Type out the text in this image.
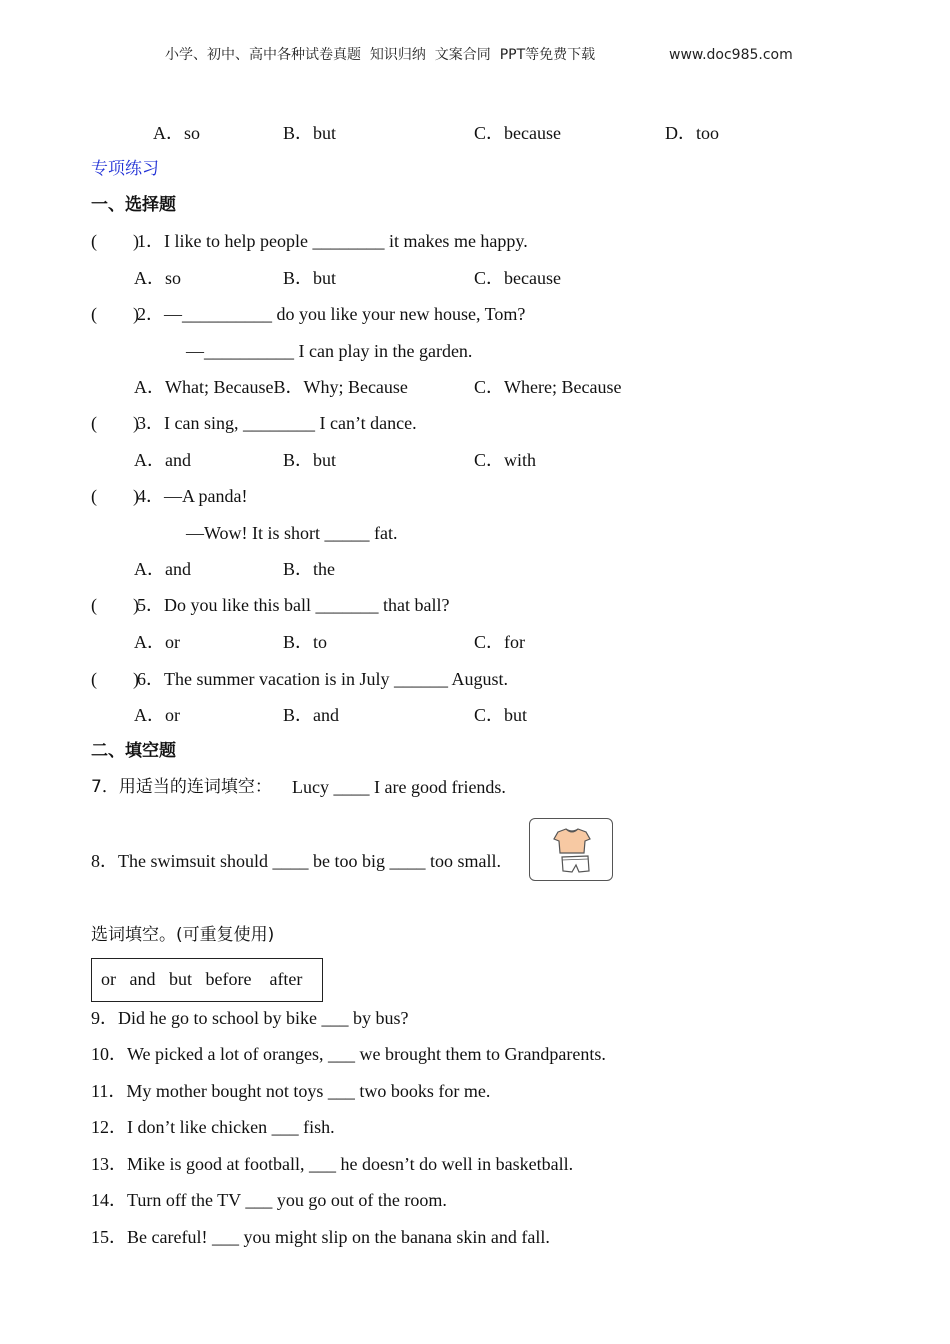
小学、初中、高中各种试卷真题  知识归纳  文案合同  PPT等免费下载	www.doc985.com
A．so	B．but	C．because	D．too
专项练习
一、选择题
(　　)
1．I like to help people ________ it makes me happy.
A．so	B．but	C．because
(　　)
2．—__________ do you like your new house, Tom?
—__________ I can play in the garden.
A．What; BecauseB．Why; Because	C．Where; Because
(　　)
3．I can sing, ________ I can’t dance.
A．and	B．but	C．with
(　　)
4．—A panda!
—Wow! It is short _____ fat.
A．and	B．the
(　　)
5．Do you like this ball _______ that ball?
A．or	B．to	C．for
(　　)
6．The summer vacation is in July ______ August.
A．or	B．and	C．but
二、填空题
7．用适当的连词填空： Lucy ____ I are good friends.
8．The swimsuit should ____ be too big ____ too small.
选词填空。(可重复使用)
or   and   but   before    after
9．Did he go to school by bike ___ by bus?
10．We picked a lot of oranges, ___ we brought them to Grandparents.
11．My mother bought not toys ___ two books for me.
12．I don’t like chicken ___ fish.
13．Mike is good at football, ___ he doesn’t do well in basketball.
14．Turn off the TV ___ you go out of the room.
15．Be careful! ___ you might slip on the banana skin and fall.
